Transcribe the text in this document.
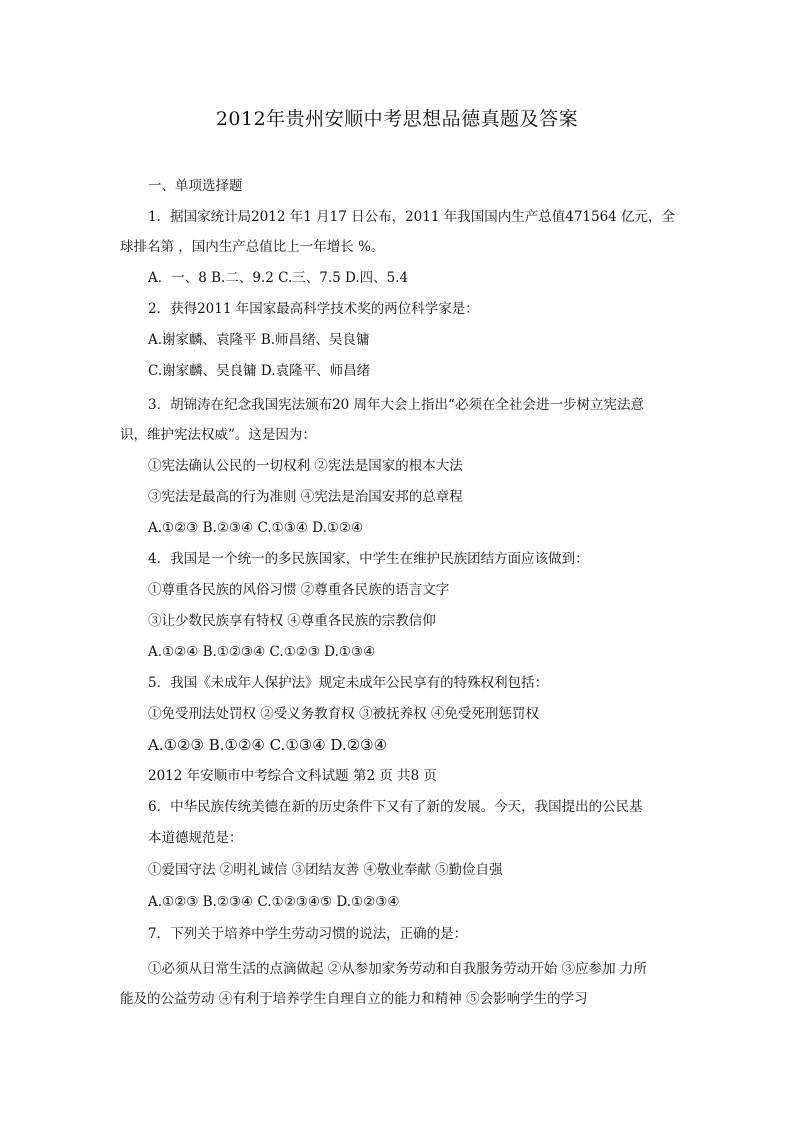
2012年贵州安顺中考思想品德真题及答案
一、单项选择题
1．据国家统计局2012 年1 月17 日公布，2011 年我国国内生产总值471564 亿元，全
球排名第 ，国内生产总值比上一年增长 %。
A．一、8 B.二、9.2 C.三、7.5 D.四、5.4
2．获得2011 年国家最高科学技术奖的两位科学家是：
A.谢家麟、袁隆平 B.师昌绪、吴良镛
C.谢家麟、吴良镛 D.袁隆平、师昌绪
3．胡锦涛在纪念我国宪法颁布20 周年大会上指出“必须在全社会进一步树立宪法意
识，维护宪法权威”。这是因为：
①宪法确认公民的一切权利 ②宪法是国家的根本大法
③宪法是最高的行为准则 ④宪法是治国安邦的总章程
A.①②③ B.②③④ C.①③④ D.①②④
4．我国是一个统一的多民族国家，中学生在维护民族团结方面应该做到：
①尊重各民族的风俗习惯 ②尊重各民族的语言文字
③让少数民族享有特权 ④尊重各民族的宗教信仰
A.①②④ B.①②③④ C.①②③ D.①③④
5．我国《未成年人保护法》规定未成年公民享有的特殊权利包括：
①免受刑法处罚权 ②受义务教育权 ③被抚养权 ④免受死刑惩罚权
A.①②③ B.①②④ C.①③④ D.②③④
2012 年安顺市中考综合文科试题 第2 页 共8 页
6．中华民族传统美德在新的历史条件下又有了新的发展。今天，我国提出的公民基
本道德规范是：
①爱国守法 ②明礼诚信 ③团结友善 ④敬业奉献 ⑤勤俭自强
A.①②③ B.②③④ C.①②③④⑤ D.①②③④
7．下列关于培养中学生劳动习惯的说法，正确的是：
①必须从日常生活的点滴做起 ②从参加家务劳动和自我服务劳动开始 ③应参加 力所
能及的公益劳动 ④有利于培养学生自理自立的能力和精神 ⑤会影响学生的学习
